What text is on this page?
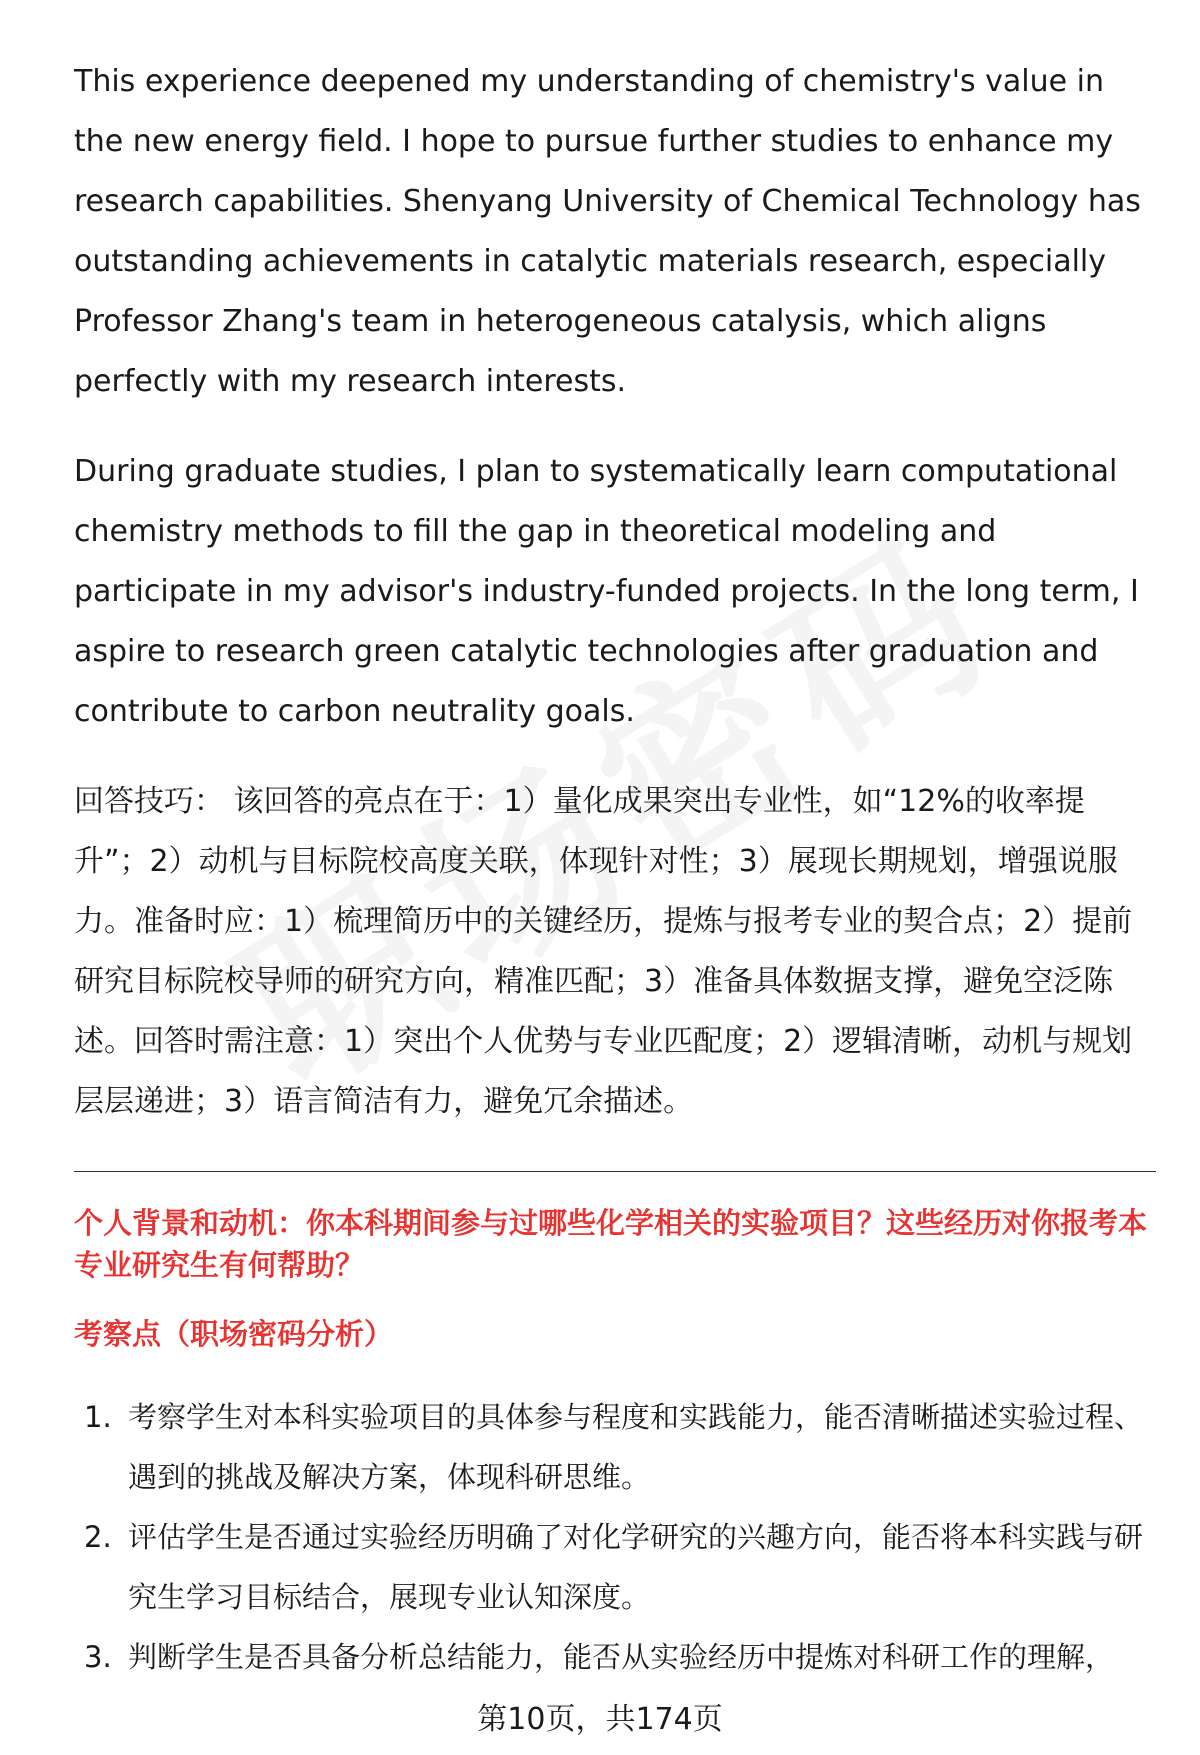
This experience deepened my understanding of chemistry's value in the new energy field. I hope to pursue further studies to enhance my research capabilities. Shenyang University of Chemical Technology has outstanding achievements in catalytic materials research, especially Professor Zhang's team in heterogeneous catalysis, which aligns perfectly with my research interests.

During graduate studies, I plan to systematically learn computational chemistry methods to fill the gap in theoretical modeling and participate in my advisor's industry-funded projects. In the long term, I aspire to research green catalytic technologies after graduation and contribute to carbon neutrality goals.

回答技巧： 该回答的亮点在于：1）量化成果突出专业性，如“12%的收率提升”；2）动机与目标院校高度关联，体现针对性；3）展现长期规划，增强说服力。准备时应：1）梳理简历中的关键经历，提炼与报考专业的契合点；2）提前研究目标院校导师的研究方向，精准匹配；3）准备具体数据支撑，避免空泛陈述。回答时需注意：1）突出个人优势与专业匹配度；2）逻辑清晰，动机与规划层层递进；3）语言简洁有力，避免冗余描述。

个人背景和动机：你本科期间参与过哪些化学相关的实验项目？这些经历对你报考本专业研究生有何帮助？
考察点（职场密码分析）
1. 考察学生对本科实验项目的具体参与程度和实践能力，能否清晰描述实验过程、遇到的挑战及解决方案，体现科研思维。
2. 评估学生是否通过实验经历明确了对化学研究的兴趣方向，能否将本科实践与研究生学习目标结合，展现专业认知深度。
3. 判断学生是否具备分析总结能力，能否从实验经历中提炼对科研工作的理解，
第10页，共174页
